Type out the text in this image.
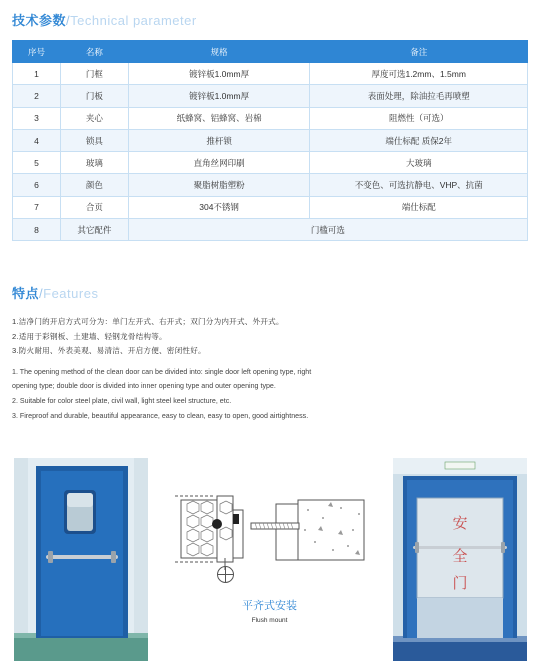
技术参数/Technical parameter
序号	名称	规格	备注
1	门框	镀锌板1.0mm厚	厚度可选1.2mm、1.5mm
2	门板	镀锌板1.0mm厚	表面处理，除油拉毛再喷塑
3	夹心	纸蜂窝、铝蜂窝、岩棉	阻燃性（可选）
4	锁具	推杆锁	端仕标配 质保2年
5	玻璃	直角丝网印刷	大玻璃
6	颜色	聚脂树脂塑粉	不变色、可选抗静电、VHP、抗菌
7	合页	304不锈钢	端仕标配
8	其它配件	门槛可选	
特点/Features
1.洁净门的开启方式可分为：单门左开式、右开式；双门分为内开式、外开式。
2.适用于彩钢板、土建墙、轻钢龙骨结构等。
3.防火耐用、外表美观、易清洁、开启方便、密闭性好。
1. The opening method of the clean door can be divided into: single door left opening type, right
opening type; double door is divided into inner opening type and outer opening type.
2. Suitable for color steel plate, civil wall, light steel keel structure, etc.
3. Fireproof and durable, beautiful appearance, easy to clean, easy to open, good airtightness.
平齐式安装
Flush mount
安
全
门
